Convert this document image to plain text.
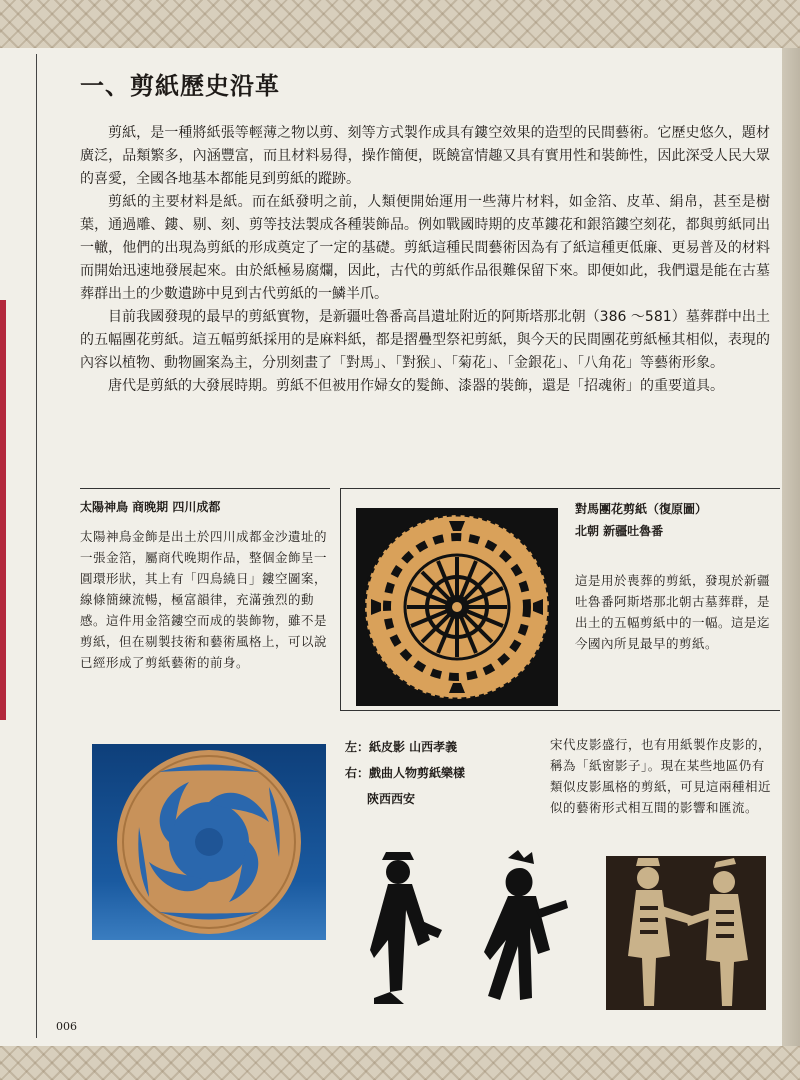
一、剪紙歷史沿革

剪紙，是一種將紙張等輕薄之物以剪、刻等方式製作成具有鏤空效果的造型的民間藝術。它歷史悠久，題材廣泛，品類繁多，內涵豐富，而且材料易得，操作簡便，既饒富情趣又具有實用性和裝飾性，因此深受人民大眾的喜愛，全國各地基本都能見到剪紙的蹤跡。

剪紙的主要材料是紙。而在紙發明之前，人類便開始運用一些薄片材料，如金箔、皮革、絹帛，甚至是樹葉，通過雕、鏤、剔、刻、剪等技法製成各種裝飾品。例如戰國時期的皮革鏤花和銀箔鏤空刻花，都與剪紙同出一轍，他們的出現為剪紙的形成奠定了一定的基礎。剪紙這種民間藝術因為有了紙這種更低廉、更易普及的材料而開始迅速地發展起來。由於紙極易腐爛，因此，古代的剪紙作品很難保留下來。即便如此，我們還是能在古墓葬群出土的少數遺跡中見到古代剪紙的一鱗半爪。

目前我國發現的最早的剪紙實物，是新疆吐魯番高昌遺址附近的阿斯塔那北朝（386 ～581）墓葬群中出土的五幅團花剪紙。這五幅剪紙採用的是麻料紙，都是摺疊型祭祀剪紙，與今天的民間團花剪紙極其相似，表現的內容以植物、動物圖案為主，分別刻畫了「對馬」、「對猴」、「菊花」、「金銀花」、「八角花」等藝術形象。

唐代是剪紙的大發展時期。剪紙不但被用作婦女的髮飾、漆器的裝飾，還是「招魂術」的重要道具。

太陽神鳥 商晚期 四川成都
太陽神鳥金飾是出土於四川成都金沙遺址的一張金箔，屬商代晚期作品，整個金飾呈一圓環形狀，其上有「四鳥繞日」鏤空圖案，線條簡練流暢，極富韻律，充滿強烈的動感。這件用金箔鏤空而成的裝飾物，雖不是剪紙，但在剔製技術和藝術風格上，可以說已經形成了剪紙藝術的前身。
對馬團花剪紙（復原圖）
北朝 新疆吐魯番
這是用於喪葬的剪紙，發現於新疆吐魯番阿斯塔那北朝古墓葬群，是出土的五幅剪紙中的一幅。這是迄今國內所見最早的剪紙。
左：紙皮影 山西孝義
右：戲曲人物剪紙樂樣
陝西西安
宋代皮影盛行，也有用紙製作皮影的，稱為「紙窗影子」。現在某些地區仍有類似皮影風格的剪紙，可見這兩種相近似的藝術形式相互間的影響和匯流。
006
